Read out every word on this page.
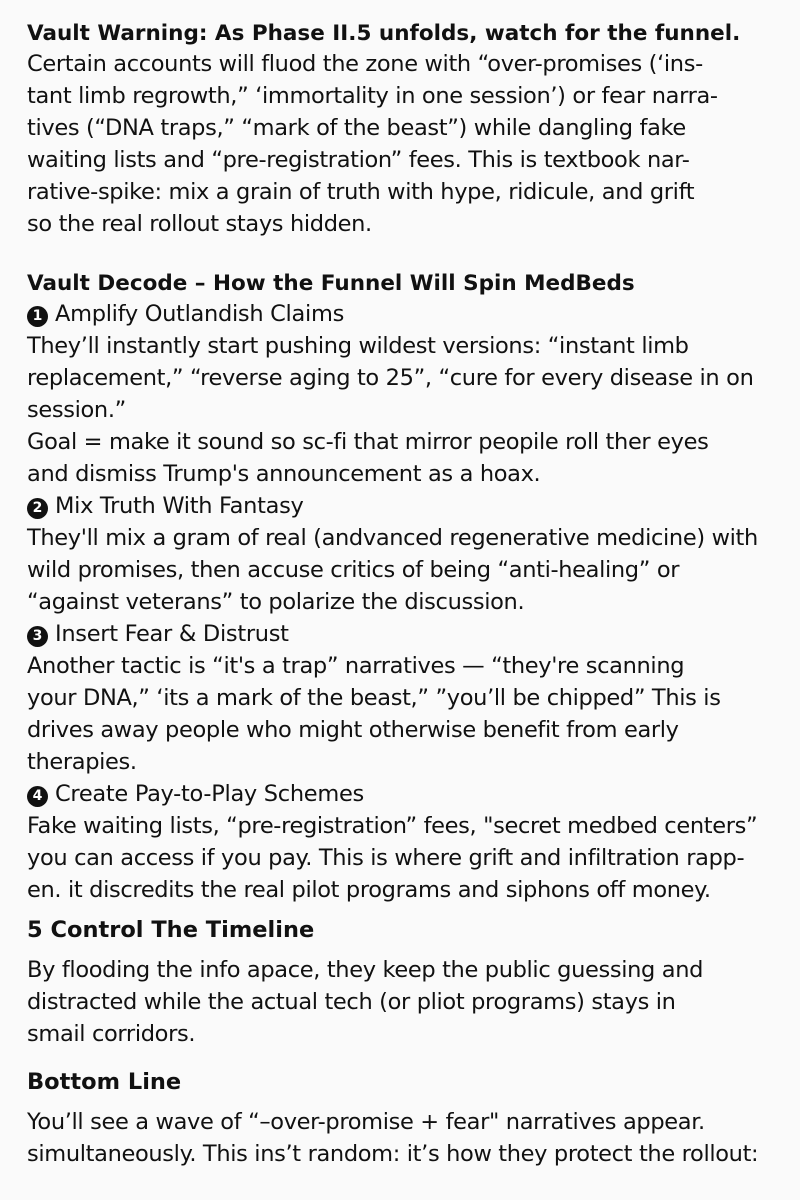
Vault Warning: As Phase II.5 unfolds, watch for the funnel.

Certain accounts will fluod the zone with “over-promises (‘ins-
tant limb regrowth,” ‘immortality in one session’) or fear narra-
tives (“DNA traps,” “mark of the beast”) while dangling fake
waiting lists and “pre-registration” fees. This is textbook nar-
rative-spike: mix a grain of truth with hype, ridicule, and grift
so the real rollout stays hidden.

Vault Decode – How the Funnel Will Spin MedBeds
1 Amplify Outlandish Claims

They’ll instantly start pushing wildest versions: “instant limb
replacement,” “reverse aging to 25”, “cure for every disease in on
session.”
Goal = make it sound so sc-fi that mirror peopile roll ther eyes
and dismiss Trump's announcement as a hoax.

2 Mix Truth With Fantasy

They'll mix a gram of real (andvanced regenerative medicine) with
wild promises, then accuse critics of being “anti-healing” or
“against veterans” to polarize the discussion.

3 Insert Fear & Distrust

Another tactic is “it's a trap” narratives — “they're scanning
your DNA,” ‘its a mark of the beast,” ”you’ll be chipped” This is
drives away people who might otherwise benefit from early
therapies.

4 Create Pay-to-Play Schemes

Fake waiting lists, “pre-registration” fees, "secret medbed centers”
you can access if you pay. This is where grift and infiltration rapp-
en. it discredits the real pilot programs and siphons off money.

5 Control The Timeline

By flooding the info apace, they keep the public guessing and
distracted while the actual tech (or pliot programs) stays in
smail corridors.

Bottom Line

You’ll see a wave of “–over-promise + fear" narratives appear.
simultaneously. This ins’t random: it’s how they protect the rollout:
